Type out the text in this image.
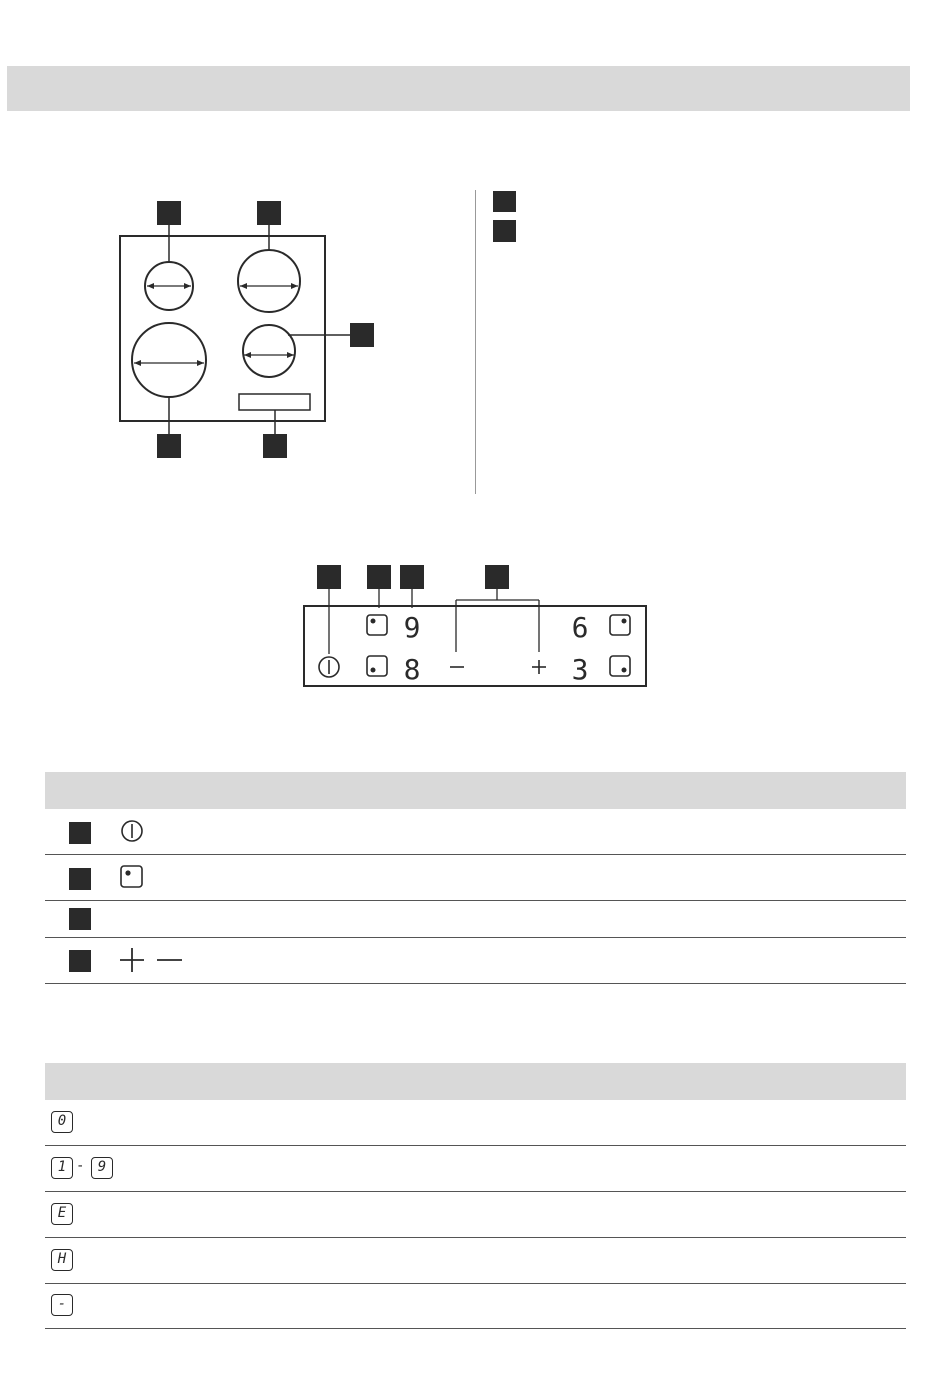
9
8
6
3
0
1 - 9
E
H
-
